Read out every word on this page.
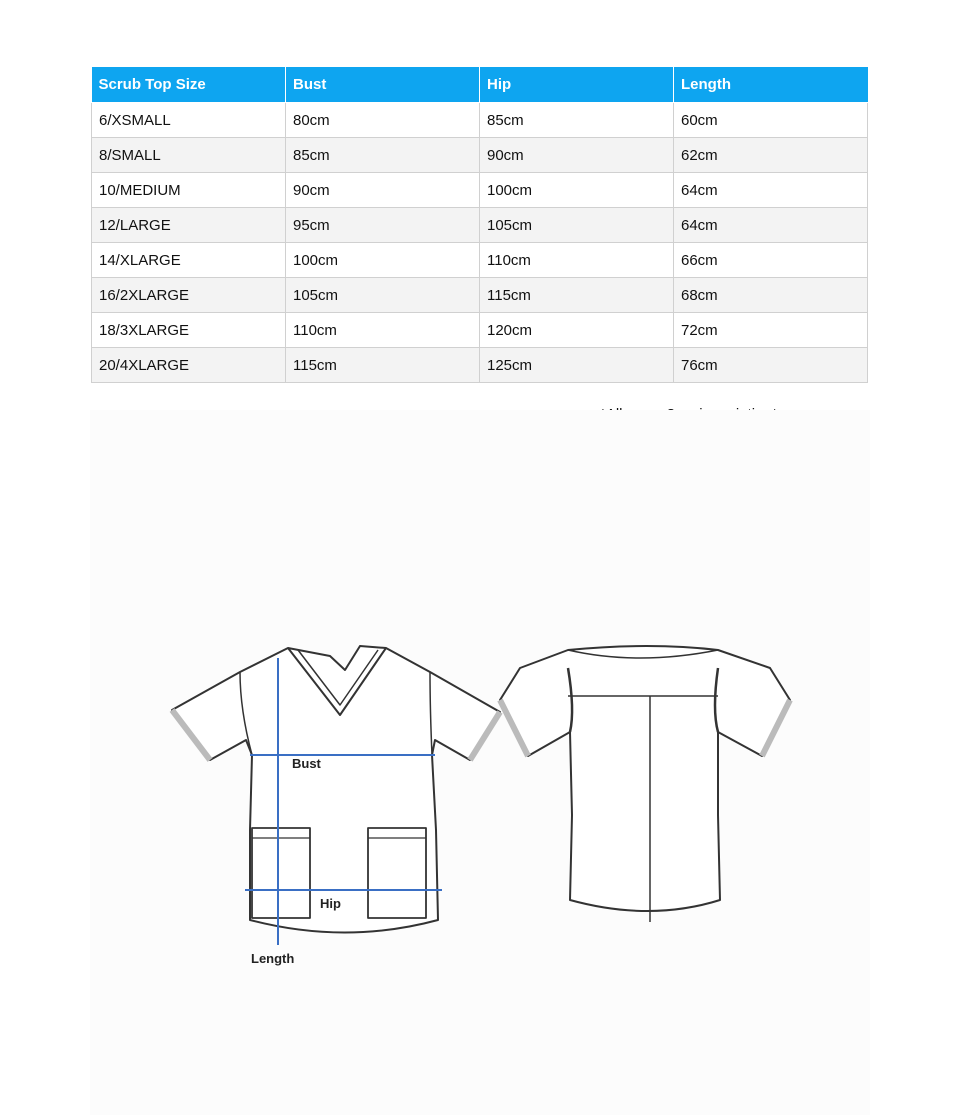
Scrub Top Size	Bust	Hip	Length
6/XSMALL	80cm	85cm	60cm
8/SMALL	85cm	90cm	62cm
10/MEDIUM	90cm	100cm	64cm
12/LARGE	95cm	105cm	64cm
14/XLARGE	100cm	110cm	66cm
16/2XLARGE	105cm	115cm	68cm
18/3XLARGE	110cm	120cm	72cm
20/4XLARGE	115cm	125cm	76cm
Bust
Hip
Length
